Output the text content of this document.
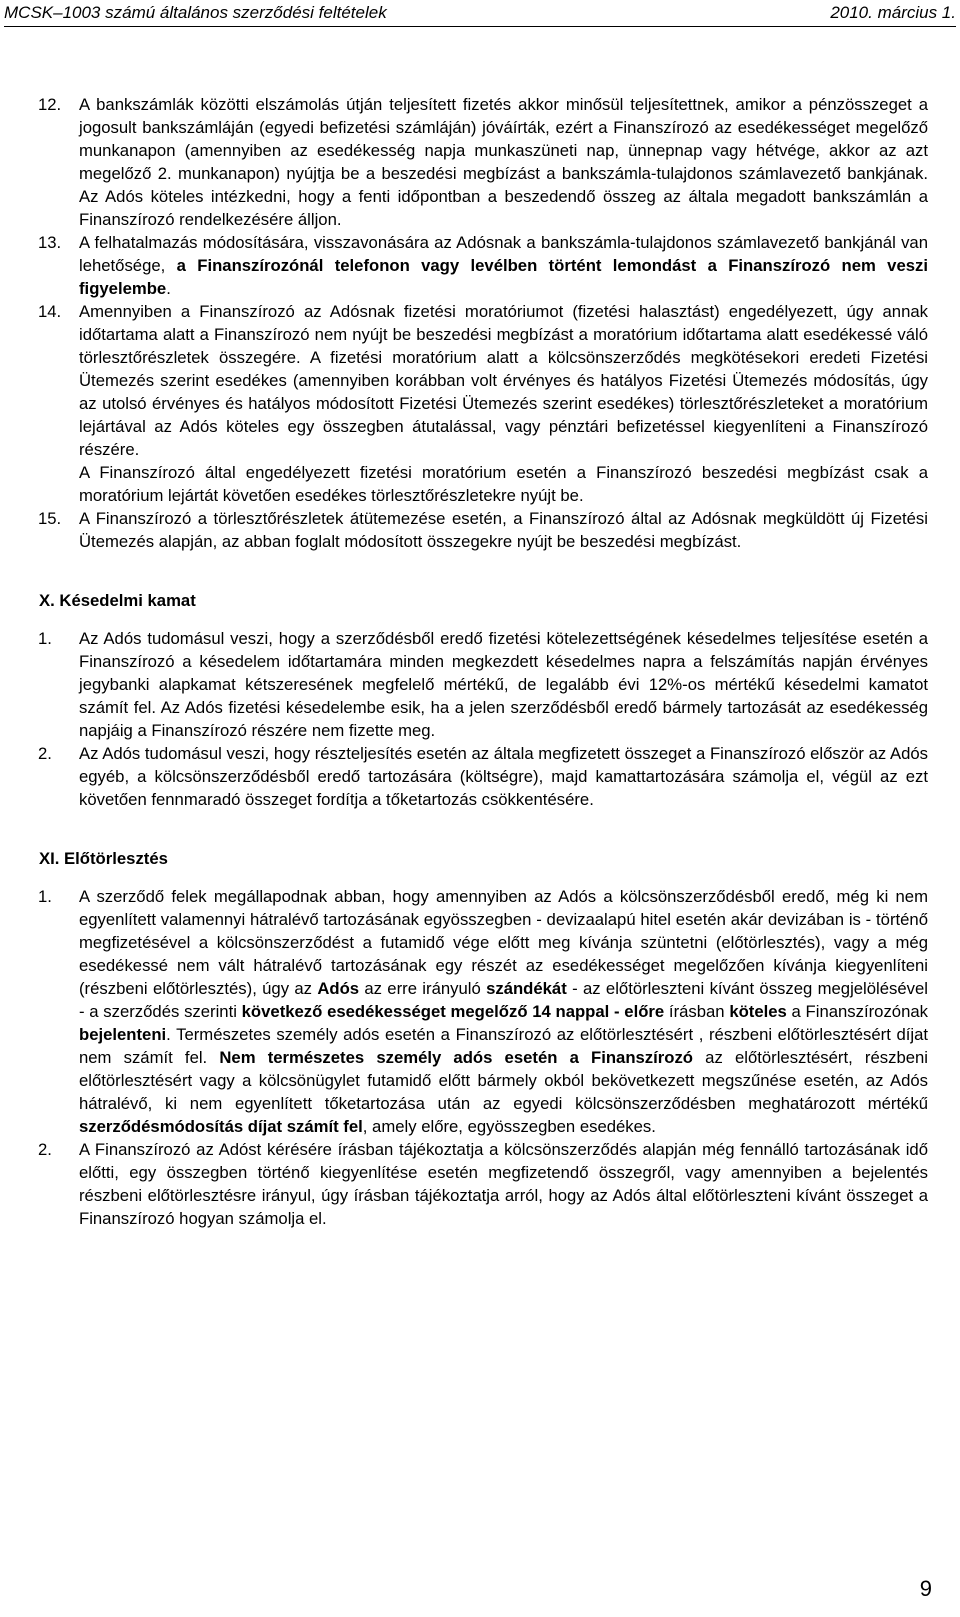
MCSK–1003 számú általános szerződési feltételek	2010. március 1.
12. A bankszámlák közötti elszámolás útján teljesített fizetés akkor minősül teljesítettnek, amikor a pénzösszeget a jogosult bankszámláján (egyedi befizetési számláján) jóváírták, ezért a Finanszírozó az esedékességet megelőző munkanapon (amennyiben az esedékesség napja munkaszüneti nap, ünnepnap vagy hétvége, akkor az azt megelőző 2. munkanapon) nyújtja be a beszedési megbízást a bankszámla-tulajdonos számlavezető bankjának. Az Adós köteles intézkedni, hogy a fenti időpontban a beszedendő összeg az általa megadott bankszámlán a Finanszírozó rendelkezésére álljon.
13. A felhatalmazás módosítására, visszavonására az Adósnak a bankszámla-tulajdonos számlavezető bankjánál van lehetősége, a Finanszírozónál telefonon vagy levélben történt lemondást a Finanszírozó nem veszi figyelembe.
14. Amennyiben a Finanszírozó az Adósnak fizetési moratóriumot (fizetési halasztást) engedélyezett, úgy annak időtartama alatt a Finanszírozó nem nyújt be beszedési megbízást a moratórium időtartama alatt esedékessé váló törlesztőrészletek összegére. A fizetési moratórium alatt a kölcsönszerződés megkötésekori eredeti Fizetési Ütemezés szerint esedékes (amennyiben korábban volt érvényes és hatályos Fizetési Ütemezés módosítás, úgy az utolsó érvényes és hatályos módosított Fizetési Ütemezés szerint esedékes) törlesztőrészleteket a moratórium lejártával az Adós köteles egy összegben átutalással, vagy pénztári befizetéssel kiegyenlíteni a Finanszírozó részére.
A Finanszírozó által engedélyezett fizetési moratórium esetén a Finanszírozó beszedési megbízást csak a moratórium lejártát követően esedékes törlesztőrészletekre nyújt be.
15. A Finanszírozó a törlesztőrészletek átütemezése esetén, a Finanszírozó által az Adósnak megküldött új Fizetési Ütemezés alapján, az abban foglalt módosított összegekre nyújt be beszedési megbízást.
X. Késedelmi kamat
1. Az Adós tudomásul veszi, hogy a szerződésből eredő fizetési kötelezettségének késedelmes teljesítése esetén a Finanszírozó a késedelem időtartamára minden megkezdett késedelmes napra a felszámítás napján érvényes jegybanki alapkamat kétszeresének megfelelő mértékű, de legalább évi 12%-os mértékű késedelmi kamatot számít fel. Az Adós fizetési késedelembe esik, ha a jelen szerződésből eredő bármely tartozását az esedékesség napjáig a Finanszírozó részére nem fizette meg.
2. Az Adós tudomásul veszi, hogy részteljesítés esetén az általa megfizetett összeget a Finanszírozó először az Adós egyéb, a kölcsönszerződésből eredő tartozására (költségre), majd kamattartozására számolja el, végül az ezt követően fennmaradó összeget fordítja a tőketartozás csökkentésére.
XI. Előtörlesztés
1. A szerződő felek megállapodnak abban, hogy amennyiben az Adós a kölcsönszerződésből eredő, még ki nem egyenlített valamennyi hátralévő tartozásának egyösszegben - devizaalapú hitel esetén akár devizában is - történő megfizetésével a kölcsönszerződést a futamidő vége előtt meg kívánja szüntetni (előtörlesztés), vagy a még esedékessé nem vált hátralévő tartozásának egy részét az esedékességet megelőzően kívánja kiegyenlíteni (részbeni előtörlesztés), úgy az Adós az erre irányuló szándékát - az előtörleszteni kívánt összeg megjelölésével - a szerződés szerinti következő esedékességet megelőző 14 nappal - előre írásban köteles a Finanszírozónak bejelenteni. Természetes személy adós esetén a Finanszírozó az előtörlesztésért , részbeni előtörlesztésért díjat nem számít fel. Nem természetes személy adós esetén a Finanszírozó az előtörlesztésért, részbeni előtörlesztésért vagy a kölcsönügylet futamidő előtt bármely okból bekövetkezett megszűnése esetén, az Adós hátralévő, ki nem egyenlített tőketartozása után az egyedi kölcsönszerződésben meghatározott mértékű szerződésmódosítás díjat számít fel, amely előre, egyösszegben esedékes.
2. A Finanszírozó az Adóst kérésére írásban tájékoztatja a kölcsönszerződés alapján még fennálló tartozásának idő előtti, egy összegben történő kiegyenlítése esetén megfizetendő összegről, vagy amennyiben a bejelentés részbeni előtörlesztésre irányul, úgy írásban tájékoztatja arról, hogy az Adós által előtörleszteni kívánt összeget a Finanszírozó hogyan számolja el.
9
